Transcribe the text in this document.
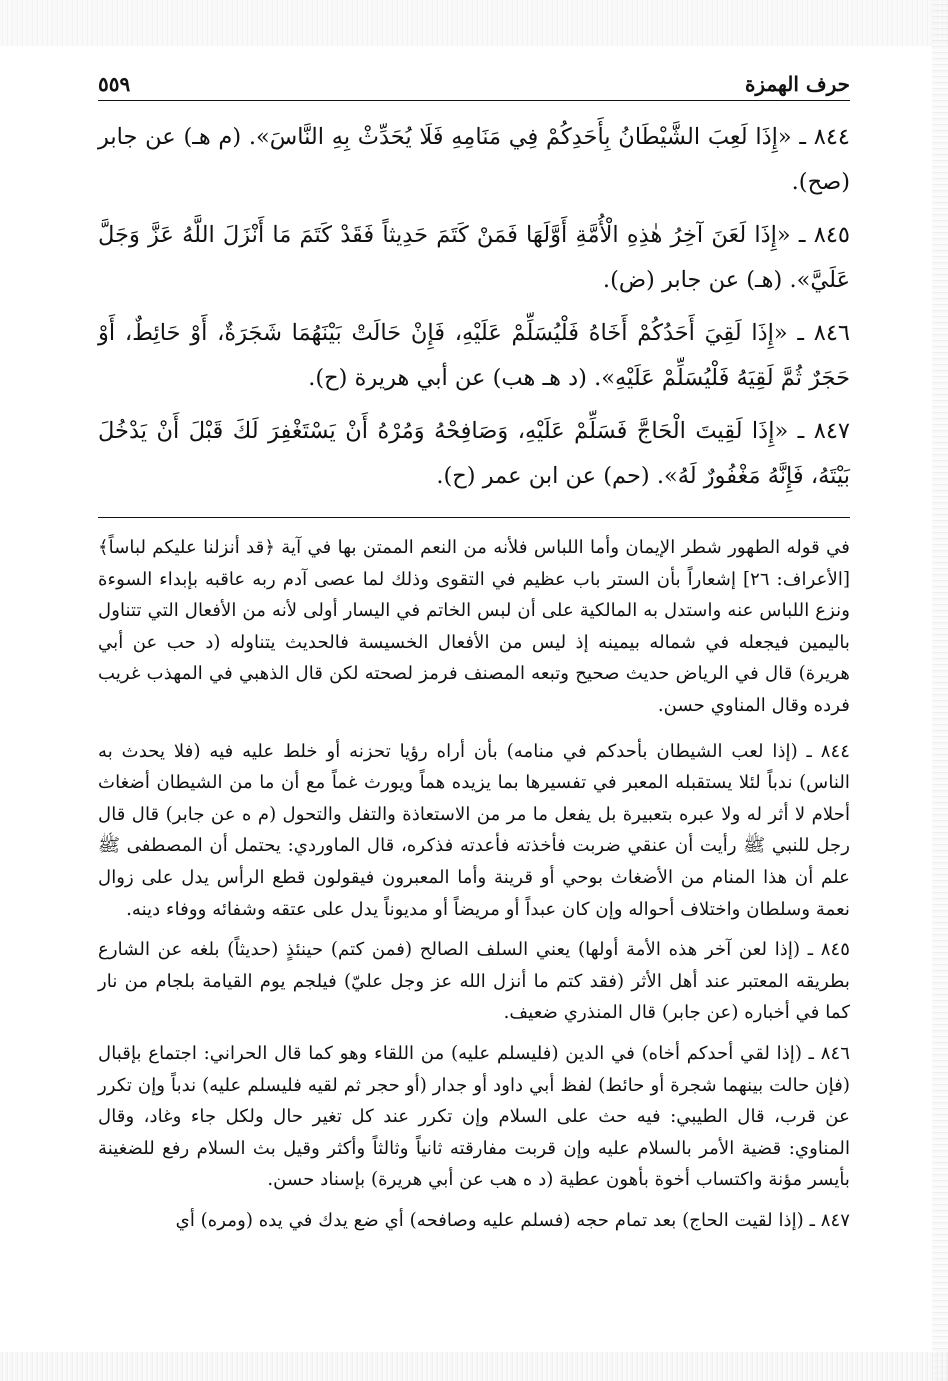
حرف الهمزة
٥٥٩

٨٤٤ ـ «إِذَا لَعِبَ الشَّيْطَانُ بِأَحَدِكُمْ فِي مَنَامِهِ فَلَا يُحَدِّثْ بِهِ النَّاسَ». (م هـ) عن جابر (صح).

٨٤٥ ـ «إِذَا لَعَنَ آخِرُ هٰذِهِ الْأُمَّةِ أَوَّلَهَا فَمَنْ كَتَمَ حَدِيثاً فَقَدْ كَتَمَ مَا أَنْزَلَ اللَّهُ عَزَّ وَجَلَّ عَلَيَّ». (هـ) عن جابر (ض).

٨٤٦ ـ «إِذَا لَقِيَ أَحَدُكُمْ أَخَاهُ فَلْيُسَلِّمْ عَلَيْهِ، فَإِنْ حَالَتْ بَيْنَهُمَا شَجَرَةٌ، أَوْ حَائِطٌ، أَوْ حَجَرٌ ثُمَّ لَقِيَهُ فَلْيُسَلِّمْ عَلَيْهِ». (د هـ هب) عن أبي هريرة (ح).

٨٤٧ ـ «إِذَا لَقِيتَ الْحَاجَّ فَسَلِّمْ عَلَيْهِ، وَصَافِحْهُ وَمُرْهُ أَنْ يَسْتَغْفِرَ لَكَ قَبْلَ أَنْ يَدْخُلَ بَيْتَهُ، فَإِنَّهُ مَغْفُورٌ لَهُ». (حم) عن ابن عمر (ح).

في قوله الطهور شطر الإيمان وأما اللباس فلأنه من النعم الممتن بها في آية ﴿قد أنزلنا عليكم لباساً﴾ [الأعراف: ٢٦] إشعاراً بأن الستر باب عظيم في التقوى وذلك لما عصى آدم ربه عاقبه بإبداء السوءة ونزع اللباس عنه واستدل به المالكية على أن لبس الخاتم في اليسار أولى لأنه من الأفعال التي تتناول باليمين فيجعله في شماله بيمينه إذ ليس من الأفعال الخسيسة فالحديث يتناوله (د حب عن أبي هريرة) قال في الرياض حديث صحيح وتبعه المصنف فرمز لصحته لكن قال الذهبي في المهذب غريب فرده وقال المناوي حسن.

٨٤٤ ـ (إذا لعب الشيطان بأحدكم في منامه) بأن أراه رؤيا تحزنه أو خلط عليه فيه (فلا يحدث به الناس) ندباً لئلا يستقبله المعبر في تفسيرها بما يزيده هماً ويورث غماً مع أن ما من الشيطان أضغاث أحلام لا أثر له ولا عبره بتعبيرة بل يفعل ما مر من الاستعاذة والتفل والتحول (م ه عن جابر) قال قال رجل للنبي ﷺ رأيت أن عنقي ضربت فأخذته فأعدته فذكره، قال الماوردي: يحتمل أن المصطفى ﷺ علم أن هذا المنام من الأضغاث بوحي أو قرينة وأما المعبرون فيقولون قطع الرأس يدل على زوال نعمة وسلطان واختلاف أحواله وإن كان عبداً أو مريضاً أو مديوناً يدل على عتقه وشفائه ووفاء دينه.

٨٤٥ ـ (إذا لعن آخر هذه الأمة أولها) يعني السلف الصالح (فمن كتم) حينئذٍ (حديثاً) بلغه عن الشارع بطريقه المعتبر عند أهل الأثر (فقد كتم ما أنزل الله عز وجل عليّ) فيلجم يوم القيامة بلجام من نار كما في أخباره (عن جابر) قال المنذري ضعيف.

٨٤٦ ـ (إذا لقي أحدكم أخاه) في الدين (فليسلم عليه) من اللقاء وهو كما قال الحراني: اجتماع بإقبال (فإن حالت بينهما شجرة أو حائط) لفظ أبي داود أو جدار (أو حجر ثم لقيه فليسلم عليه) ندباً وإن تكرر عن قرب، قال الطيبي: فيه حث على السلام وإن تكرر عند كل تغير حال ولكل جاء وغاد، وقال المناوي: قضية الأمر بالسلام عليه وإن قربت مفارقته ثانياً وثالثاً وأكثر وقيل بث السلام رفع للضغينة بأيسر مؤنة واكتساب أخوة بأهون عطية (د ه هب عن أبي هريرة) بإسناد حسن.

٨٤٧ ـ (إذا لقيت الحاج) بعد تمام حجه (فسلم عليه وصافحه) أي ضع يدك في يده (ومره) أي
